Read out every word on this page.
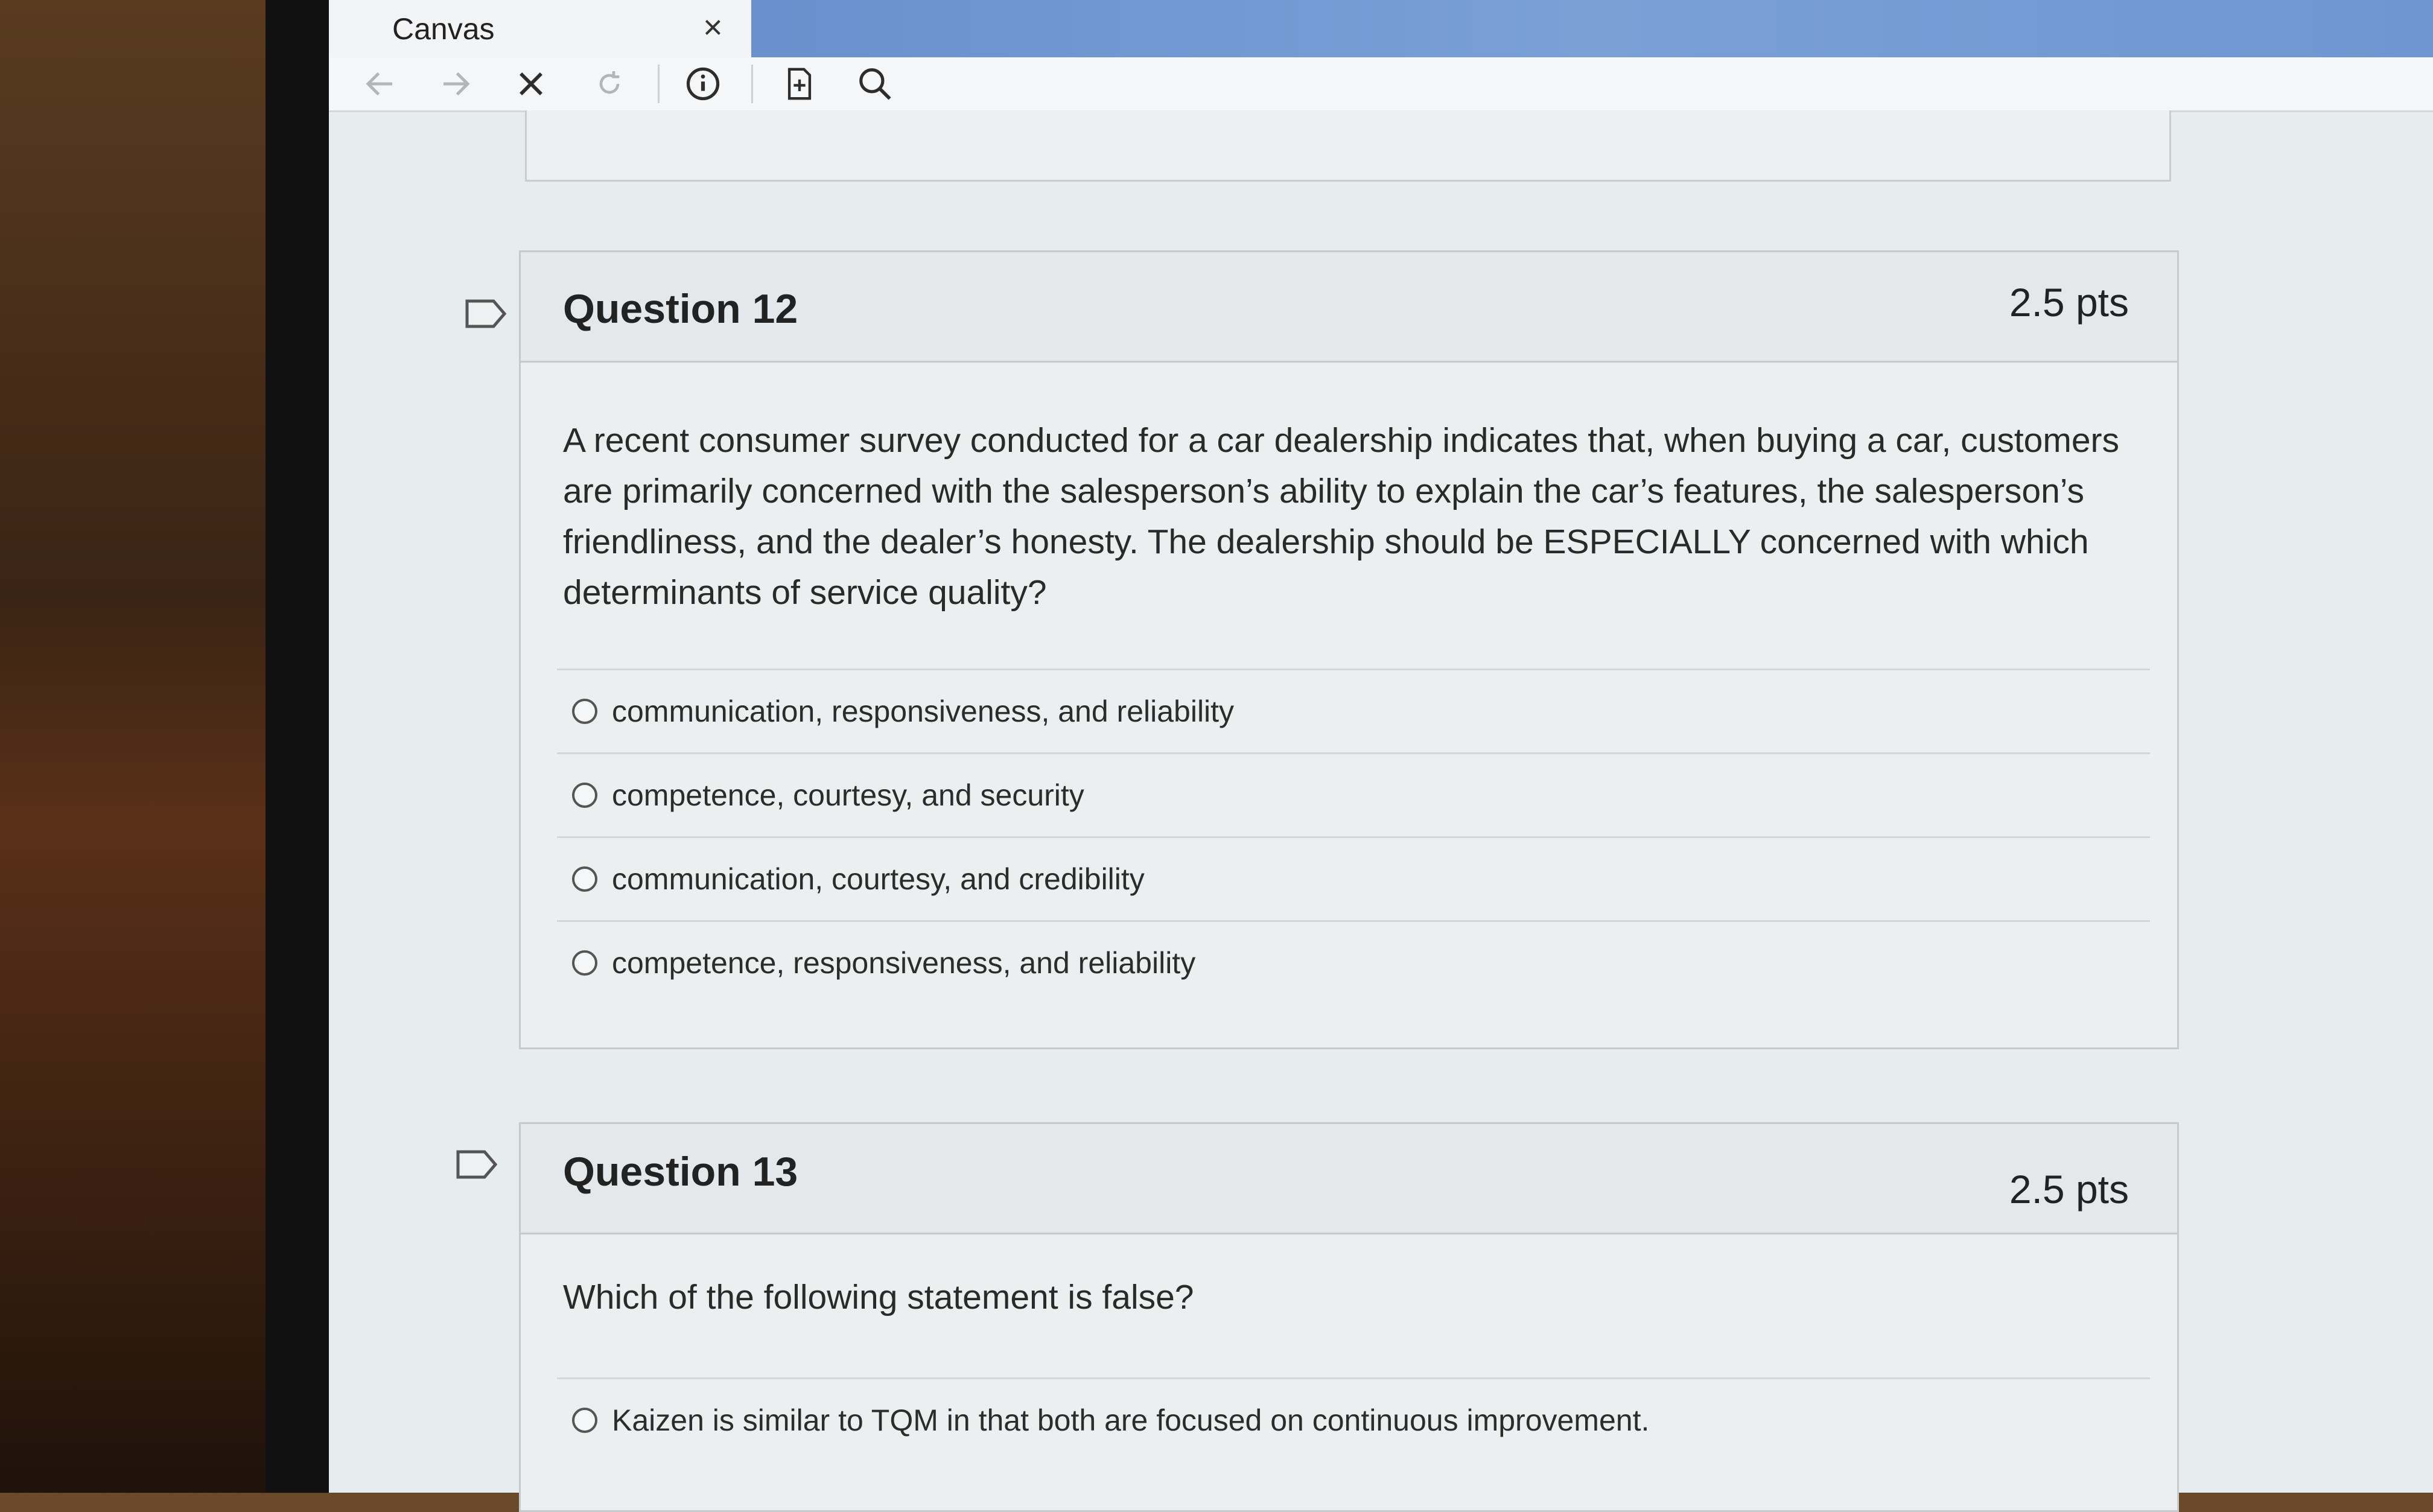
Canvas	×
Question 12	2.5 pts
A recent consumer survey conducted for a car dealership indicates that, when buying a car, customers are primarily concerned with the salesperson’s ability to explain the car’s features, the salesperson’s friendliness, and the dealer’s honesty. The dealership should be ESPECIALLY concerned with which determinants of service quality?
communication, responsiveness, and reliability
competence, courtesy, and security
communication, courtesy, and credibility
competence, responsiveness, and reliability
Question 13	2.5 pts
Which of the following statement is false?
Kaizen is similar to TQM in that both are focused on continuous improvement.
